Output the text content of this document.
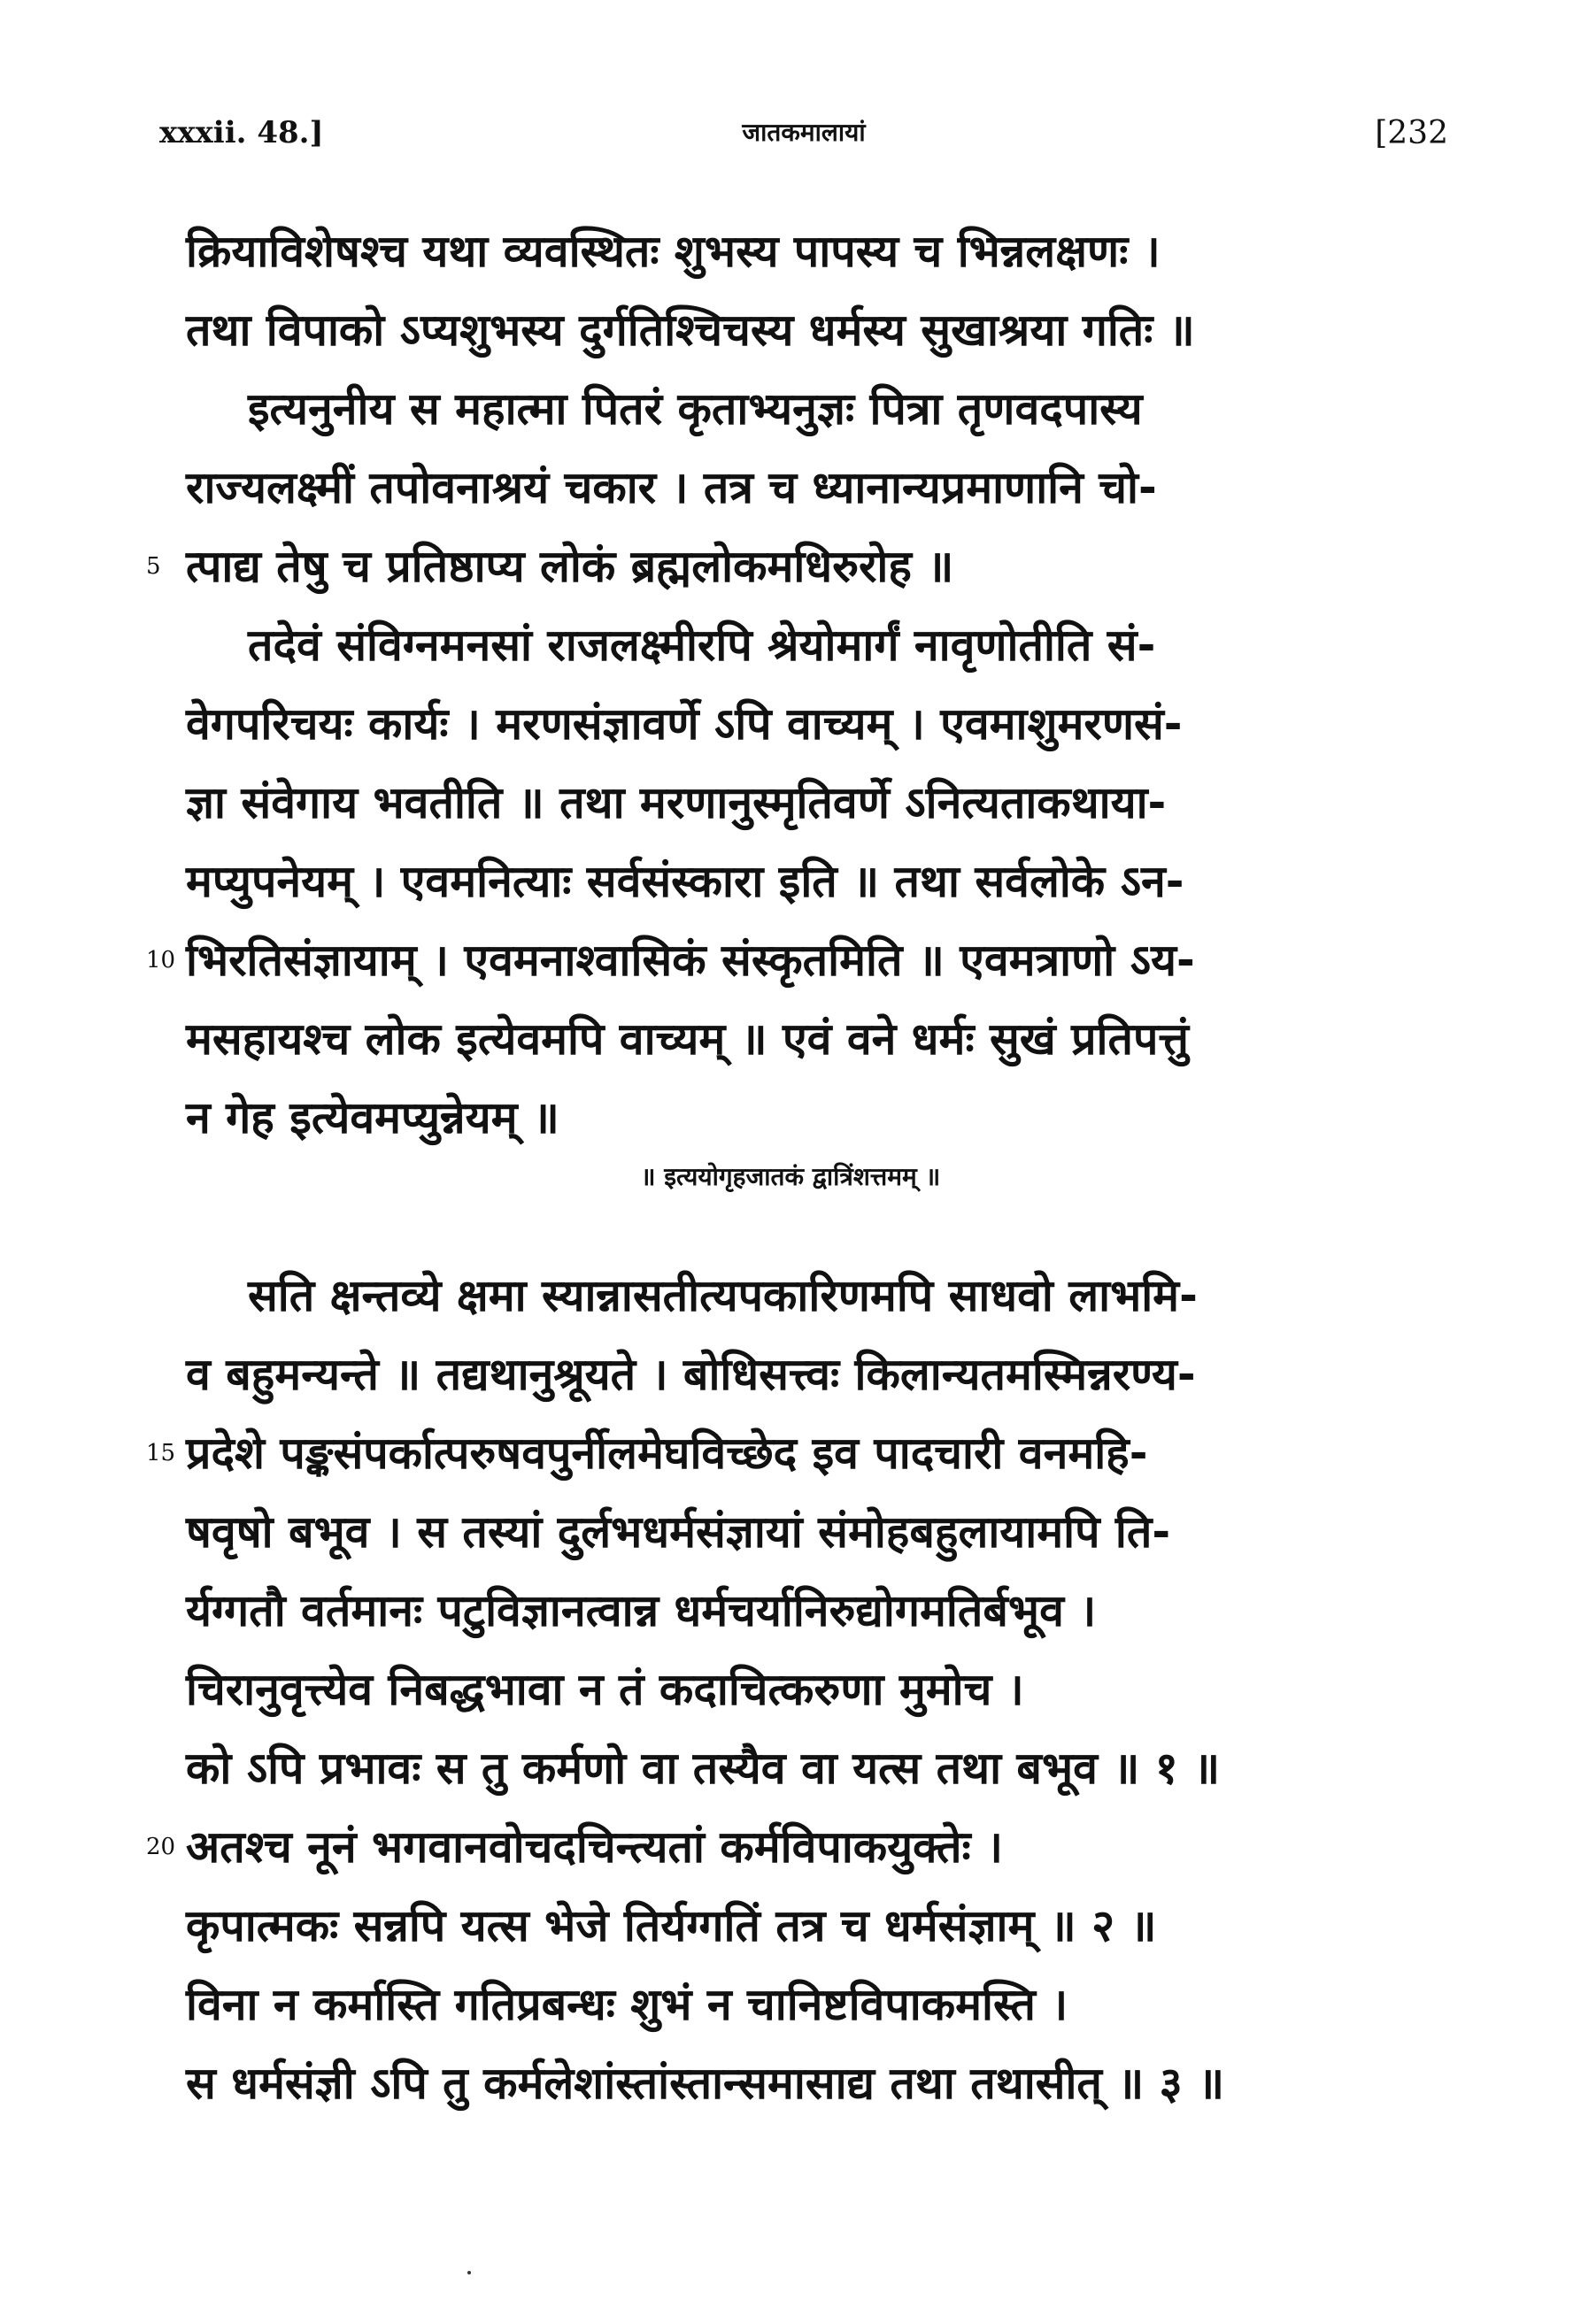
xxxii. 48.]	जातकमालायां	[232
क्रियाविशेषश्च यथा व्यवस्थितः शुभस्य पापस्य च भिन्नलक्षणः ।
तथा विपाको ऽप्यशुभस्य दुर्गतिश्चिचस्य धर्मस्य सुखाश्रया गतिः ॥
इत्यनुनीय स महात्मा पितरं कृताभ्यनुज्ञः पित्रा तृणवदपास्य
राज्यलक्ष्मीं तपोवनाश्रयं चकार । तत्र च ध्यानान्यप्रमाणानि चो-
5 त्पाद्य तेषु च प्रतिष्ठाप्य लोकं ब्रह्मलोकमधिरुरोह ॥
तदेवं संविग्नमनसां राजलक्ष्मीरपि श्रेयोमार्गं नावृणोतीति सं-
वेगपरिचयः कार्यः । मरणसंज्ञावर्णे ऽपि वाच्यम् । एवमाशुमरणसं-
ज्ञा संवेगाय भवतीति ॥ तथा मरणानुस्मृतिवर्णे ऽनित्यताकथाया-
मप्युपनेयम् । एवमनित्याः सर्वसंस्कारा इति ॥ तथा सर्वलोके ऽन-
10 भिरतिसंज्ञायाम् । एवमनाश्वासिकं संस्कृतमिति ॥ एवमत्राणो ऽय-
मसहायश्च लोक इत्येवमपि वाच्यम् ॥ एवं वने धर्मः सुखं प्रतिपत्तुं
न गेह इत्येवमप्युन्नेयम् ॥
॥ इत्ययोगृहजातकं द्वात्रिंशत्तमम् ॥
सति क्षन्तव्ये क्षमा स्यान्नासतीत्यपकारिणमपि साधवो लाभमि-
व बहुमन्यन्ते ॥ तद्यथानुश्रूयते । बोधिसत्त्वः किलान्यतमस्मिन्नरण्य-
15 प्रदेशे पङ्कसंपर्कात्परुषवपुर्नीलमेघविच्छेद इव पादचारी वनमहि-
षवृषो बभूव । स तस्यां दुर्लभधर्मसंज्ञायां संमोहबहुलायामपि ति-
र्यग्गतौ वर्तमानः पटुविज्ञानत्वान्न धर्मचर्यानिरुद्योगमतिर्बभूव ।
चिरानुवृत्त्येव निबद्धभावा न तं कदाचित्करुणा मुमोच ।
को ऽपि प्रभावः स तु कर्मणो वा तस्यैव वा यत्स तथा बभूव ॥ १ ॥
20 अतश्च नूनं भगवानवोचदचिन्त्यतां कर्मविपाकयुक्तेः ।
कृपात्मकः सन्नपि यत्स भेजे तिर्यग्गतिं तत्र च धर्मसंज्ञाम् ॥ २ ॥
विना न कर्मास्ति गतिप्रबन्धः शुभं न चानिष्टविपाकमस्ति ।
स धर्मसंज्ञी ऽपि तु कर्मलेशांस्तांस्तान्समासाद्य तथा तथासीत् ॥ ३ ॥
